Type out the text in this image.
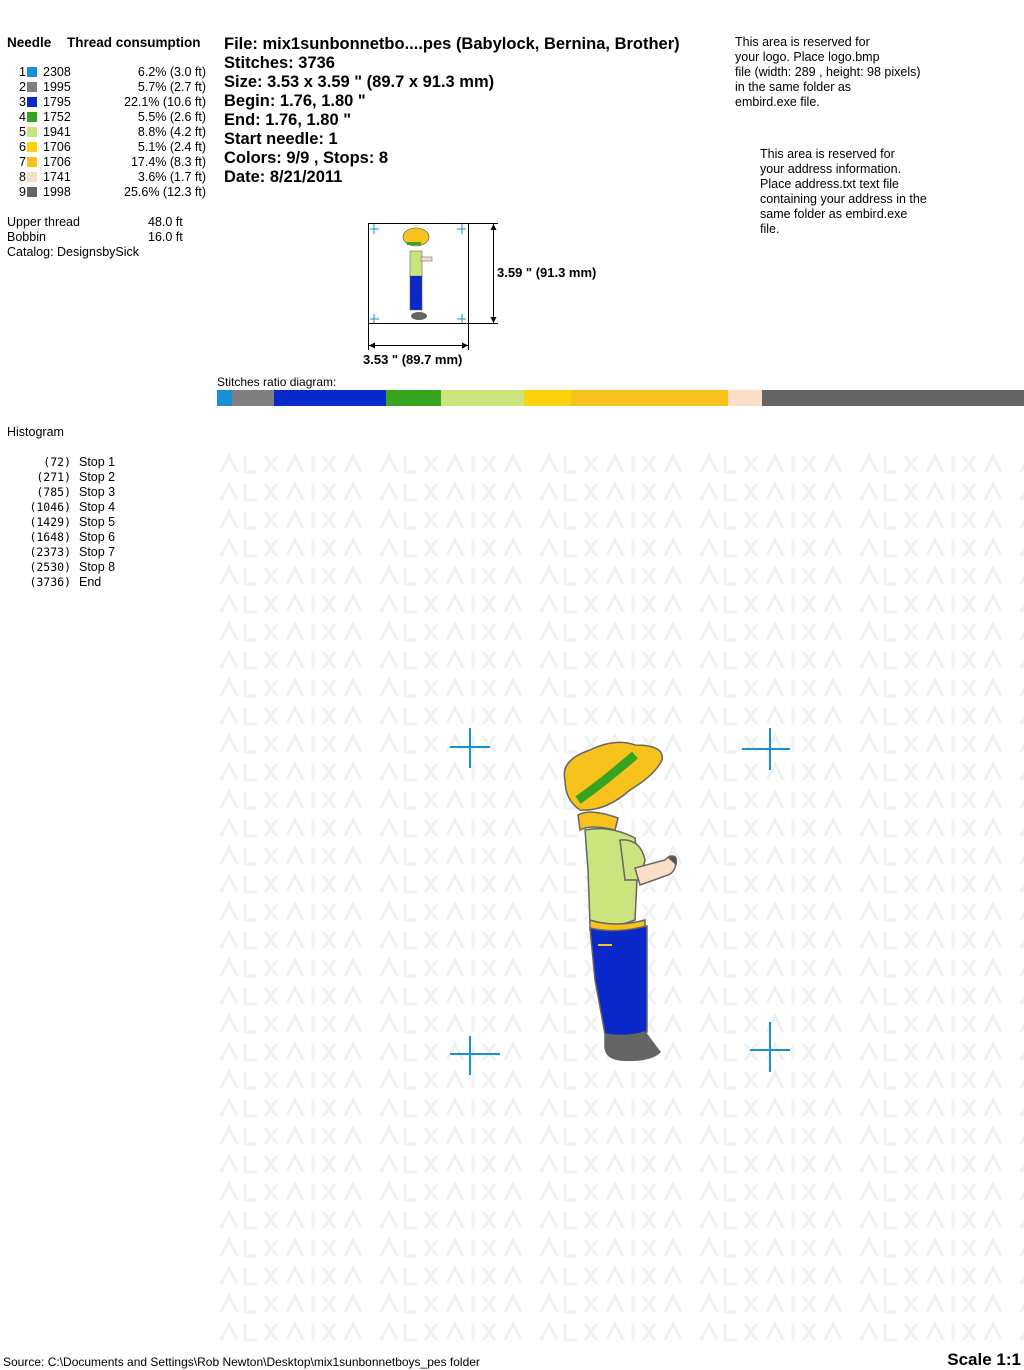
Needle Thread consumption
1 2308	6.2% (3.0 ft)
2 1995	5.7% (2.7 ft)
3 1795	22.1% (10.6 ft)
4 1752	5.5% (2.6 ft)
5 1941	8.8% (4.2 ft)
6 1706	5.1% (2.4 ft)
7 1706	17.4% (8.3 ft)
8 1741	3.6% (1.7 ft)
9 1998	25.6% (12.3 ft)
Upper thread	48.0 ft
Bobbin	16.0 ft
Catalog: DesignsbySick
File: mix1sunbonnetbo....pes (Babylock, Bernina, Brother)
Stitches: 3736
Size: 3.53 x 3.59 " (89.7 x 91.3 mm)
Begin: 1.76, 1.80 "
End: 1.76, 1.80 "
Start needle: 1
Colors: 9/9 , Stops: 8
Date: 8/21/2011
This area is reserved for
your logo. Place logo.bmp
file (width: 289 , height: 98 pixels)
in the same folder as
embird.exe file.
This area is reserved for
your address information.
Place address.txt text file
containing your address in the
same folder as embird.exe
file.
3.59 " (91.3 mm)
3.53 " (89.7 mm)
Stitches ratio diagram:
Histogram
(72) Stop 1
(271) Stop 2
(785) Stop 3
(1046) Stop 4
(1429) Stop 5
(1648) Stop 6
(2373) Stop 7
(2530) Stop 8
(3736) End
Source: C:\Documents and Settings\Rob Newton\Desktop\mix1sunbonnetboys_pes folder	Scale 1:1
